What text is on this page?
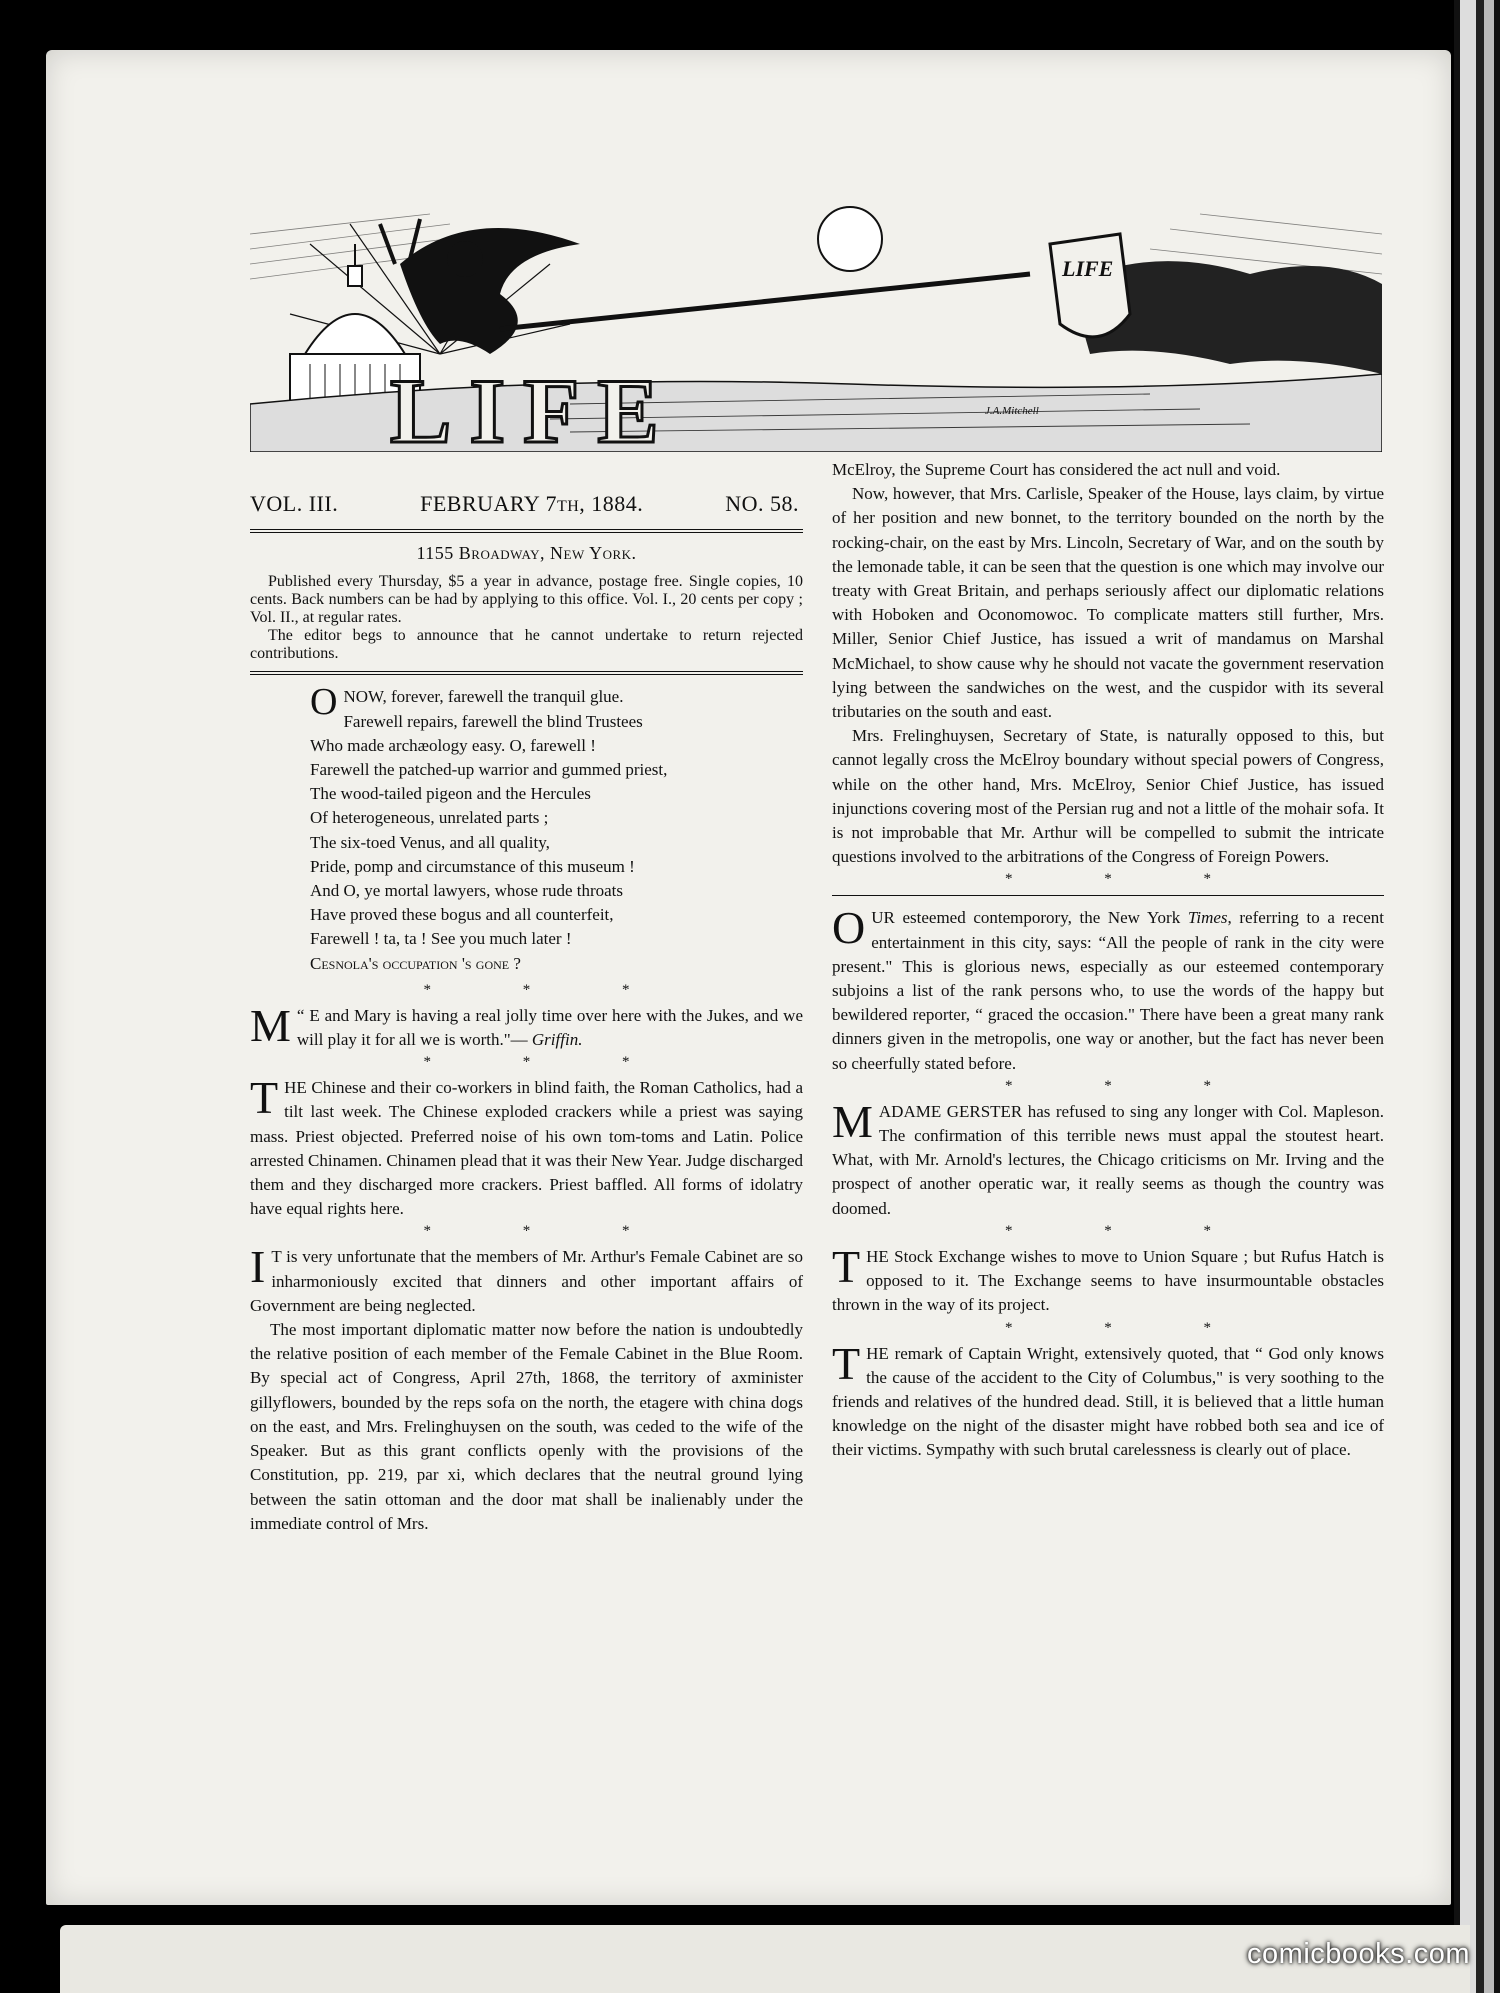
LIFE
LIFE	J.A.Mitchell
VOL. III.	FEBRUARY 7TH, 1884.	NO. 58.
1155 Broadway, New York.

Published every Thursday, $5 a year in advance, postage free. Single copies, 10 cents. Back numbers can be had by applying to this office. Vol. I., 20 cents per copy ; Vol. II., at regular rates.

The editor begs to announce that he cannot undertake to return rejected contributions.

ONOW, forever, farewell the tranquil glue.
Farewell repairs, farewell the blind Trustees
Who made archæology easy. O, farewell !
Farewell the patched-up warrior and gummed priest,
The wood-tailed pigeon and the Hercules
Of heterogeneous, unrelated parts ;
The six-toed Venus, and all quality,
Pride, pomp and circumstance of this museum !
And O, ye mortal lawyers, whose rude throats
Have proved these bogus and all counterfeit,
Farewell ! ta, ta ! See you much later !
Cesnola's occupation 's gone ?
* * *

“
M E and Mary is having a real jolly time over here with the Jukes, and we will play it for all we is worth."— Griffin.

* * *

THE Chinese and their co-workers in blind faith, the Roman Catholics, had a tilt last week. The Chinese exploded crackers while a priest was saying mass. Priest objected. Preferred noise of his own tom-toms and Latin. Police arrested Chinamen. Chinamen plead that it was their New Year. Judge discharged them and they discharged more crackers. Priest baffled. All forms of idolatry have equal rights here.

* * *

I T is very unfortunate that the members of Mr. Arthur's Female Cabinet are so inharmoniously excited that dinners and other important affairs of Government are being neglected.

The most important diplomatic matter now before the nation is undoubtedly the relative position of each member of the Female Cabinet in the Blue Room. By special act of Congress, April 27th, 1868, the territory of axminister gillyflowers, bounded by the reps sofa on the north, the etagere with china dogs on the east, and Mrs. Frelinghuysen on the south, was ceded to the wife of the Speaker. But as this grant conflicts openly with the provisions of the Constitution, pp. 219, par xi, which declares that the neutral ground lying between the satin ottoman and the door mat shall be inalienably under the immediate control of Mrs.

McElroy, the Supreme Court has considered the act null and void.

Now, however, that Mrs. Carlisle, Speaker of the House, lays claim, by virtue of her position and new bonnet, to the territory bounded on the north by the rocking-chair, on the east by Mrs. Lincoln, Secretary of War, and on the south by the lemonade table, it can be seen that the question is one which may involve our treaty with Great Britain, and perhaps seriously affect our diplomatic relations with Hoboken and Oconomowoc. To complicate matters still further, Mrs. Miller, Senior Chief Justice, has issued a writ of mandamus on Marshal McMichael, to show cause why he should not vacate the government reservation lying between the sandwiches on the west, and the cuspidor with its several tributaries on the south and east.

Mrs. Frelinghuysen, Secretary of State, is naturally opposed to this, but cannot legally cross the McElroy boundary without special powers of Congress, while on the other hand, Mrs. McElroy, Senior Chief Justice, has issued injunctions covering most of the Persian rug and not a little of the mohair sofa. It is not improbable that Mr. Arthur will be compelled to submit the intricate questions involved to the arbitrations of the Congress of Foreign Powers.

* * *

OUR esteemed contemporory, the New York Times, referring to a recent entertainment in this city, says: “All the people of rank in the city were present." This is glorious news, especially as our esteemed contemporary subjoins a list of the rank persons who, to use the words of the happy but bewildered reporter, “ graced the occasion." There have been a great many rank dinners given in the metropolis, one way or another, but the fact has never been so cheerfully stated before.

* * *

MADAME GERSTER has refused to sing any longer with Col. Mapleson. The confirmation of this terrible news must appal the stoutest heart. What, with Mr. Arnold's lectures, the Chicago criticisms on Mr. Irving and the prospect of another operatic war, it really seems as though the country was doomed.

* * *

THE Stock Exchange wishes to move to Union Square ; but Rufus Hatch is opposed to it. The Exchange seems to have insurmountable obstacles thrown in the way of its project.

* * *

THE remark of Captain Wright, extensively quoted, that “ God only knows the cause of the accident to the City of Columbus," is very soothing to the friends and relatives of the hundred dead. Still, it is believed that a little human knowledge on the night of the disaster might have robbed both sea and ice of their victims. Sympathy with such brutal carelessness is clearly out of place.

comicbooks.com
